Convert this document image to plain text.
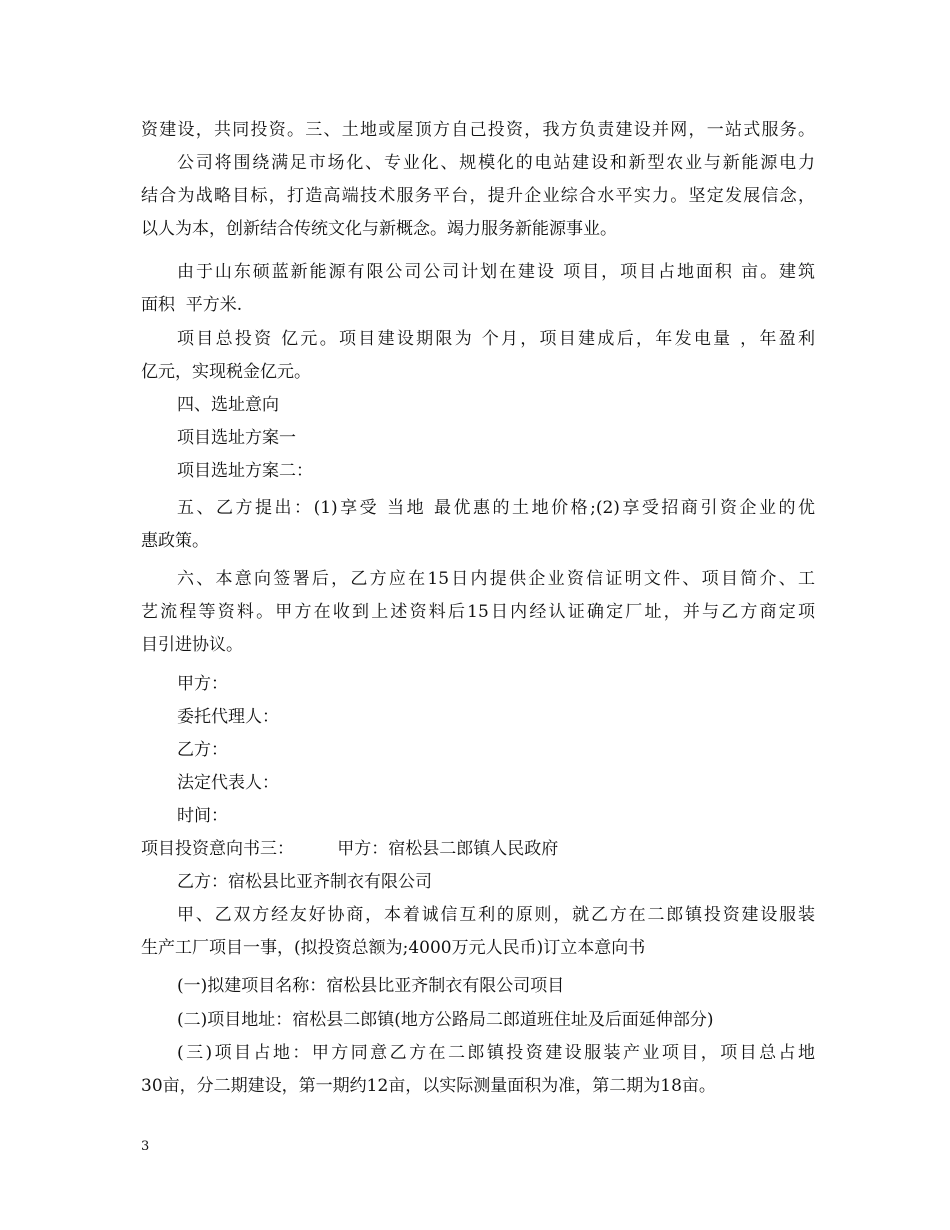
资建设，共同投资。三、土地或屋顶方自己投资，我方负责建设并网，一站式服务。
公司将围绕满足市场化、专业化、规模化的电站建设和新型农业与新能源电力
结合为战略目标，打造高端技术服务平台，提升企业综合水平实力。坚定发展信念，
以人为本，创新结合传统文化与新概念。竭力服务新能源事业。
由于山东硕蓝新能源有限公司公司计划在建设 项目，项目占地面积 亩。建筑
面积  平方米.
项目总投资 亿元。项目建设期限为 个月，项目建成后，年发电量 ，年盈利
亿元，实现税金亿元。
四、选址意向
项目选址方案一
项目选址方案二：
五、乙方提出：(1)享受 当地 最优惠的土地价格;(2)享受招商引资企业的优
惠政策。
六、本意向签署后，乙方应在15日内提供企业资信证明文件、项目简介、工
艺流程等资料。甲方在收到上述资料后15日内经认证确定厂址，并与乙方商定项
目引进协议。
甲方：
委托代理人：
乙方：
法定代表人：
时间：
项目投资意向书三：        甲方：宿松县二郎镇人民政府
乙方：宿松县比亚齐制衣有限公司
甲、乙双方经友好协商，本着诚信互利的原则，就乙方在二郎镇投资建设服装
生产工厂项目一事，(拟投资总额为;4000万元人民币)订立本意向书
(一)拟建项目名称：宿松县比亚齐制衣有限公司项目
(二)项目地址：宿松县二郎镇(地方公路局二郎道班住址及后面延伸部分)
(三)项目占地：甲方同意乙方在二郎镇投资建设服装产业项目，项目总占地
30亩，分二期建设，第一期约12亩，以实际测量面积为准，第二期为18亩。
3
